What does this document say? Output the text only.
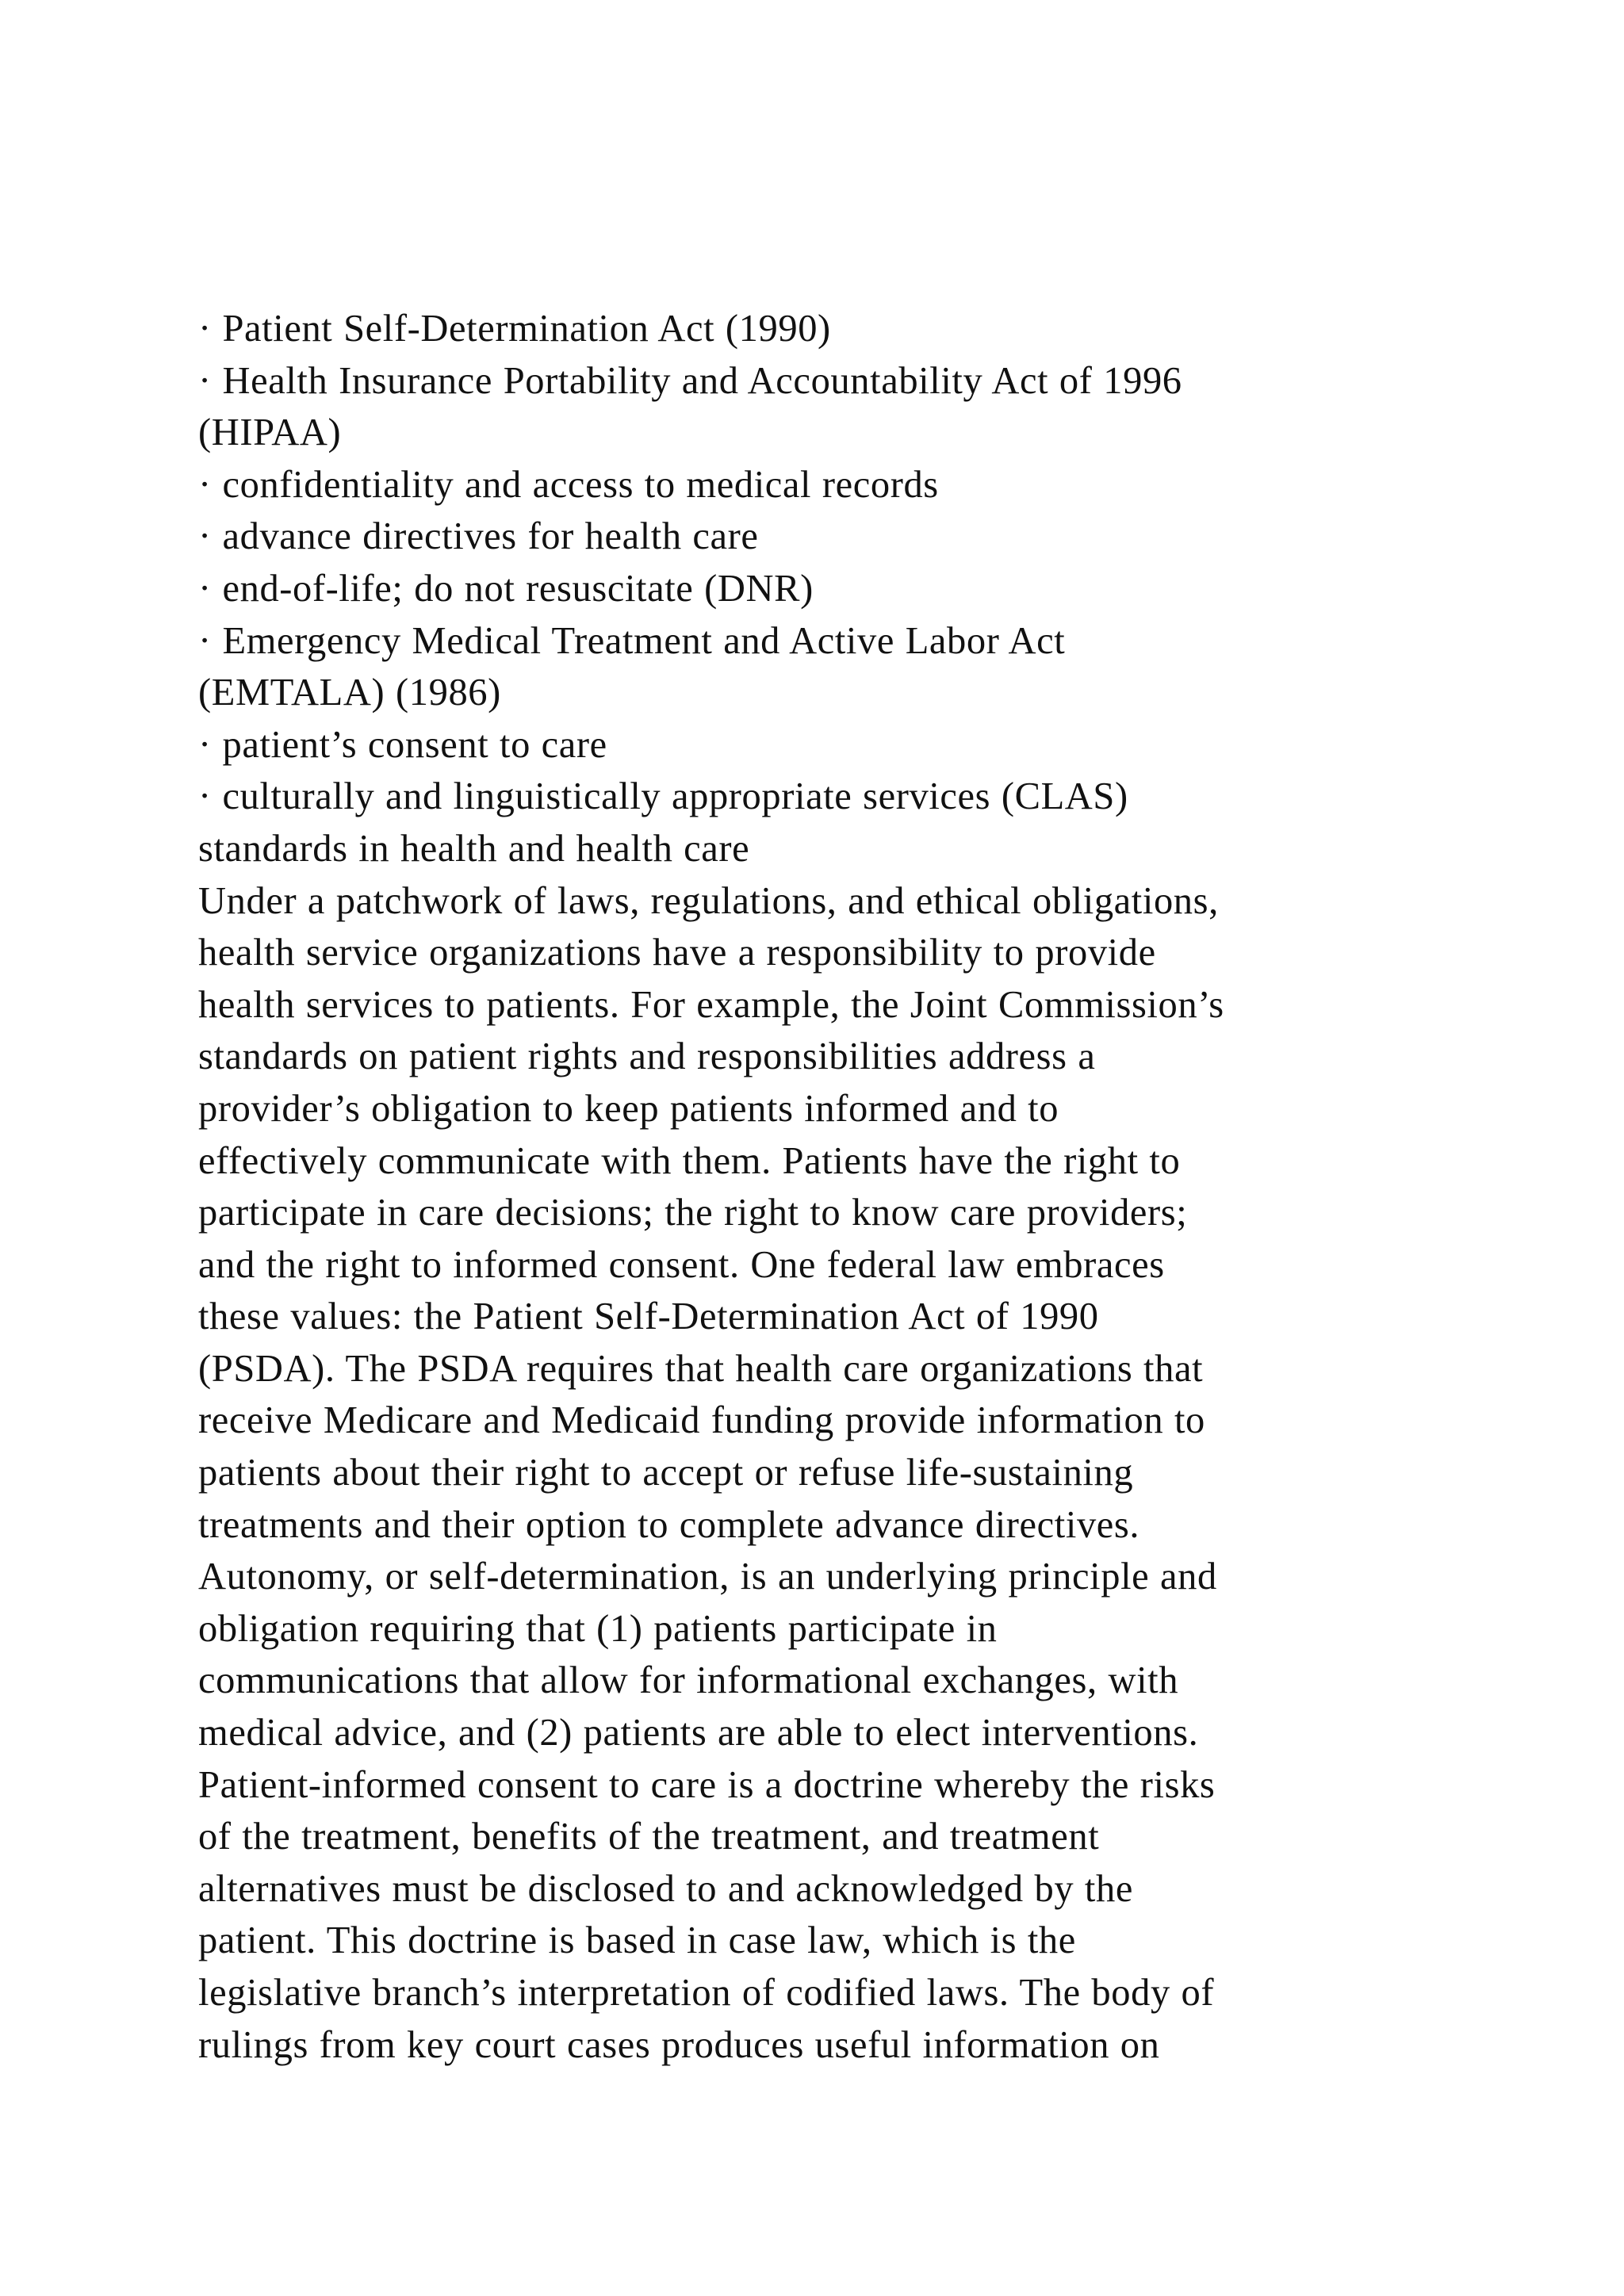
· Patient Self-Determination Act (1990)
· Health Insurance Portability and Accountability Act of 1996
(HIPAA)
· confidentiality and access to medical records
· advance directives for health care
· end-of-life; do not resuscitate (DNR)
· Emergency Medical Treatment and Active Labor Act
(EMTALA) (1986)
· patient’s consent to care
· culturally and linguistically appropriate services (CLAS)
standards in health and health care
Under a patchwork of laws, regulations, and ethical obligations,
health service organizations have a responsibility to provide
health services to patients. For example, the Joint Commission’s
standards on patient rights and responsibilities address a
provider’s obligation to keep patients informed and to
effectively communicate with them. Patients have the right to
participate in care decisions; the right to know care providers;
and the right to informed consent. One federal law embraces
these values: the Patient Self-Determination Act of 1990
(PSDA). The PSDA requires that health care organizations that
receive Medicare and Medicaid funding provide information to
patients about their right to accept or refuse life-sustaining
treatments and their option to complete advance directives.
Autonomy, or self-determination, is an underlying principle and
obligation requiring that (1) patients participate in
communications that allow for informational exchanges, with
medical advice, and (2) patients are able to elect interventions.
Patient-informed consent to care is a doctrine whereby the risks
of the treatment, benefits of the treatment, and treatment
alternatives must be disclosed to and acknowledged by the
patient. This doctrine is based in case law, which is the
legislative branch’s interpretation of codified laws. The body of
rulings from key court cases produces useful information on
